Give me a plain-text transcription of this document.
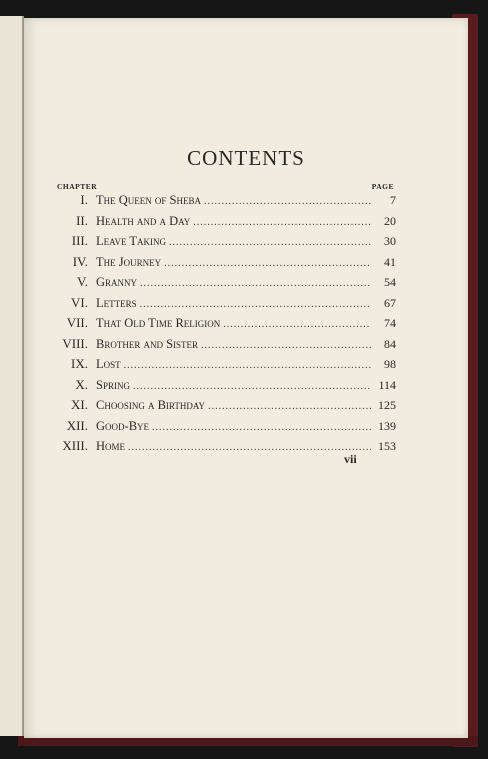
CONTENTS
CHAPTER	PAGE
I. The Queen of Sheba .....	7
II. Health and a Day .....	20
III. Leave Taking .....	30
IV. The Journey .....	41
V. Granny .....	54
VI. Letters .....	67
VII. That Old Time Religion .....	74
VIII. Brother and Sister .....	84
IX. Lost .....	98
X. Spring .....	114
XI. Choosing a Birthday .....	125
XII. Good-Bye .....	139
XIII. Home .....	153
vii
